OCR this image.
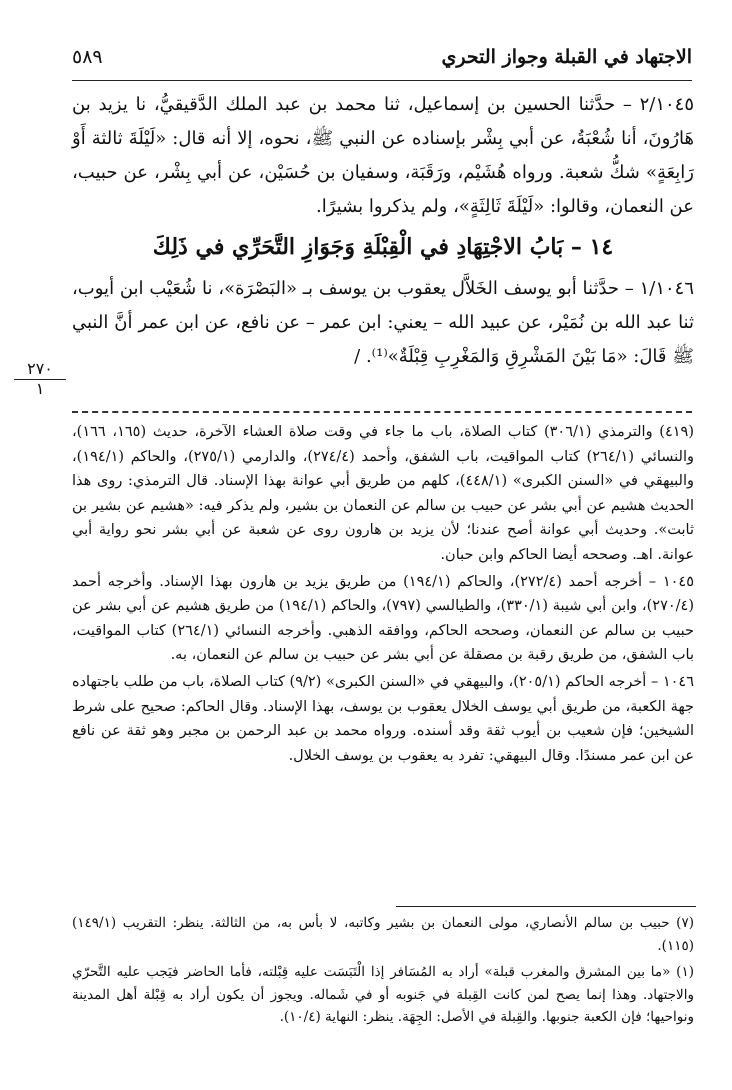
الاجتهاد في القبلة وجواز التحري
٥٨٩

٢/١٠٤٥ – حدَّثنا الحسين بن إسماعيل، ثنا محمد بن عبد الملك الدَّقيقيُّ، نا يزيد بن هَارُونَ، أنا شُعْبَةُ، عن أبي بِشْر بإسناده عن النبي ﷺ، نحوه، إلا أنه قال: «لَيْلَةَ ثالثة أَوْ رَابِعَةٍ» شكُّ شعبة. ورواه هُشَيْم، ورَقَبَة، وسفيان بن حُسَيْن، عن أبي بِشْر، عن حبيب، عن النعمان، وقالوا: «لَيْلَةَ ثَالِثَةٍ»، ولم يذكروا بشيرًا.

١٤ – بَابُ الاجْتِهَادِ في الْقِبْلَةِ وَجَوَازِ التَّحَرِّي في ذَلِكَ

١/١٠٤٦ – حدَّثنا أبو يوسف الخَلاَّل يعقوب بن يوسف بـ «البَصْرَة»، نا شُعَيْب ابن أيوب، ثنا عبد الله بن نُمَيْر، عن عبيد الله – يعني: ابن عمر – عن نافع، عن ابن عمر أنَّ النبي ﷺ قَالَ: «مَا بَيْنَ المَشْرِقِ وَالمَغْرِبِ قِبْلَةٌ»⁽¹⁾. /

٢٧٠
١

(٤١٩) والترمذي (٣٠٦/١) كتاب الصلاة، باب ما جاء في وقت صلاة العشاء الآخرة، حديث (١٦٥، ١٦٦)، والنسائي (٢٦٤/١) كتاب المواقيت، باب الشفق، وأحمد (٢٧٤/٤)، والدارمي (٢٧٥/١)، والحاكم (١٩٤/١)، والبيهقي في «السنن الكبرى» (٤٤٨/١)، كلهم من طريق أبي عوانة بهذا الإسناد. قال الترمذي: روى هذا الحديث هشيم عن أبي بشر عن حبيب بن سالم عن النعمان بن بشير، ولم يذكر فيه: «هشيم عن بشير بن ثابت». وحديث أبي عوانة أصح عندنا؛ لأن يزيد بن هارون روى عن شعبة عن أبي بشر نحو رواية أبي عوانة. اهـ. وصححه أيضا الحاكم وابن حبان.

١٠٤٥ – أخرجه أحمد (٢٧٢/٤)، والحاكم (١٩٤/١) من طريق يزيد بن هارون بهذا الإسناد. وأخرجه أحمد (٢٧٠/٤)، وابن أبي شيبة (٣٣٠/١)، والطيالسي (٧٩٧)، والحاكم (١٩٤/١) من طريق هشيم عن أبي بشر عن حبيب بن سالم عن النعمان، وصححه الحاكم، ووافقه الذهبي. وأخرجه النسائي (٢٦٤/١) كتاب المواقيت، باب الشفق، من طريق رقبة بن مصقلة عن أبي بشر عن حبيب بن سالم عن النعمان، به.

١٠٤٦ – أخرجه الحاكم (٢٠٥/١)، والبيهقي في «السنن الكبرى» (٩/٢) كتاب الصلاة، باب من طلب باجتهاده جهة الكعبة، من طريق أبي يوسف الخلال يعقوب بن يوسف، بهذا الإسناد. وقال الحاكم: صحيح على شرط الشيخين؛ فإن شعيب بن أيوب ثقة وقد أسنده. ورواه محمد بن عبد الرحمن بن مجبر وهو ثقة عن نافع عن ابن عمر مسندًا. وقال البيهقي: تفرد به يعقوب بن يوسف الخلال.

(٧) حبيب بن سالم الأنصاري، مولى النعمان بن بشير وكاتبه، لا بأس به، من الثالثة. ينظر: التقريب (١٤٩/١) (١١٥).

(١) «ما بين المشرق والمغرب قبلة» أراد به المُسَافر إذا الْتَبَسَت عليه قِبْلته، فأما الحاضر فيَجب عليه التَّحرّي والاجتهاد. وهذا إنما يصح لمن كانت القِبلة في جَنوبه أو في شَماله. ويجوز أن يكون أراد به قِبْلة أهل المدينة ونواحيها؛ فإن الكعبة جنوبها. والقِبلة في الأصل: الجِهَة. ينظر: النهاية (١٠/٤).
